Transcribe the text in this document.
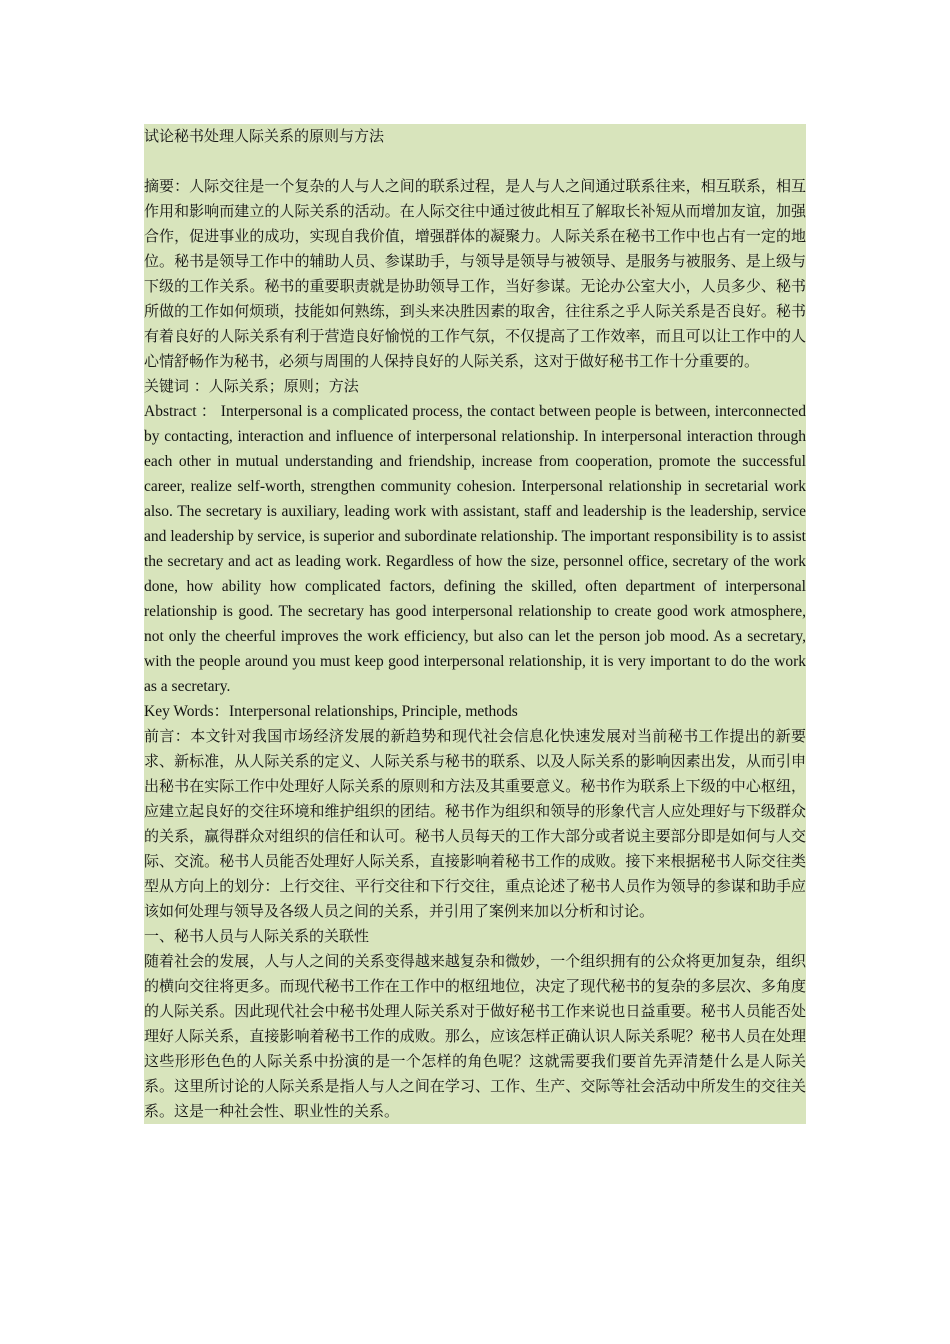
试论秘书处理人际关系的原则与方法

摘要：人际交往是一个复杂的人与人之间的联系过程，是人与人之间通过联系往来，相互联系，相互作用和影响而建立的人际关系的活动。在人际交往中通过彼此相互了解取长补短从而增加友谊，加强合作，促进事业的成功，实现自我价值，增强群体的凝聚力。人际关系在秘书工作中也占有一定的地位。秘书是领导工作中的辅助人员、参谋助手，与领导是领导与被领导、是服务与被服务、是上级与下级的工作关系。秘书的重要职责就是协助领导工作，当好参谋。无论办公室大小，人员多少、秘书所做的工作如何烦琐，技能如何熟练，到头来决胜因素的取舍，往往系之乎人际关系是否良好。秘书有着良好的人际关系有利于营造良好愉悦的工作气氛，不仅提高了工作效率，而且可以让工作中的人心情舒畅作为秘书，必须与周围的人保持良好的人际关系，这对于做好秘书工作十分重要的。

关键词 ：人际关系；原则；方法

Abstract ： Interpersonal is a complicated process, the contact between people is between, interconnected by contacting, interaction and influence of interpersonal relationship. In interpersonal interaction through each other in mutual understanding and friendship, increase from cooperation, promote the successful career, realize self-worth, strengthen community cohesion. Interpersonal relationship in secretarial work also. The secretary is auxiliary, leading work with assistant, staff and leadership is the leadership, service and leadership by service, is superior and subordinate relationship. The important responsibility is to assist the secretary and act as leading work. Regardless of how the size, personnel office, secretary of the work done, how ability how complicated factors, defining the skilled, often department of interpersonal relationship is good. The secretary has good interpersonal relationship to create good work atmosphere, not only the cheerful improves the work efficiency, but also can let the person job mood. As a secretary, with the people around you must keep good interpersonal relationship, it is very important to do the work as a secretary.

Key Words：Interpersonal relationships, Principle, methods

前言：本文针对我国市场经济发展的新趋势和现代社会信息化快速发展对当前秘书工作提出的新要求、新标准，从人际关系的定义、人际关系与秘书的联系、以及人际关系的影响因素出发，从而引申出秘书在实际工作中处理好人际关系的原则和方法及其重要意义。秘书作为联系上下级的中心枢纽，应建立起良好的交往环境和维护组织的团结。秘书作为组织和领导的形象代言人应处理好与下级群众的关系，赢得群众对组织的信任和认可。秘书人员每天的工作大部分或者说主要部分即是如何与人交际、交流。秘书人员能否处理好人际关系，直接影响着秘书工作的成败。接下来根据秘书人际交往类型从方向上的划分：上行交往、平行交往和下行交往，重点论述了秘书人员作为领导的参谋和助手应该如何处理与领导及各级人员之间的关系，并引用了案例来加以分析和讨论。

一、秘书人员与人际关系的关联性

随着社会的发展，人与人之间的关系变得越来越复杂和微妙，一个组织拥有的公众将更加复杂，组织的横向交往将更多。而现代秘书工作在工作中的枢纽地位，决定了现代秘书的复杂的多层次、多角度的人际关系。因此现代社会中秘书处理人际关系对于做好秘书工作来说也日益重要。秘书人员能否处理好人际关系，直接影响着秘书工作的成败。那么，应该怎样正确认识人际关系呢？秘书人员在处理这些形形色色的人际关系中扮演的是一个怎样的角色呢？这就需要我们要首先弄清楚什么是人际关系。这里所讨论的人际关系是指人与人之间在学习、工作、生产、交际等社会活动中所发生的交往关系。这是一种社会性、职业性的关系。
